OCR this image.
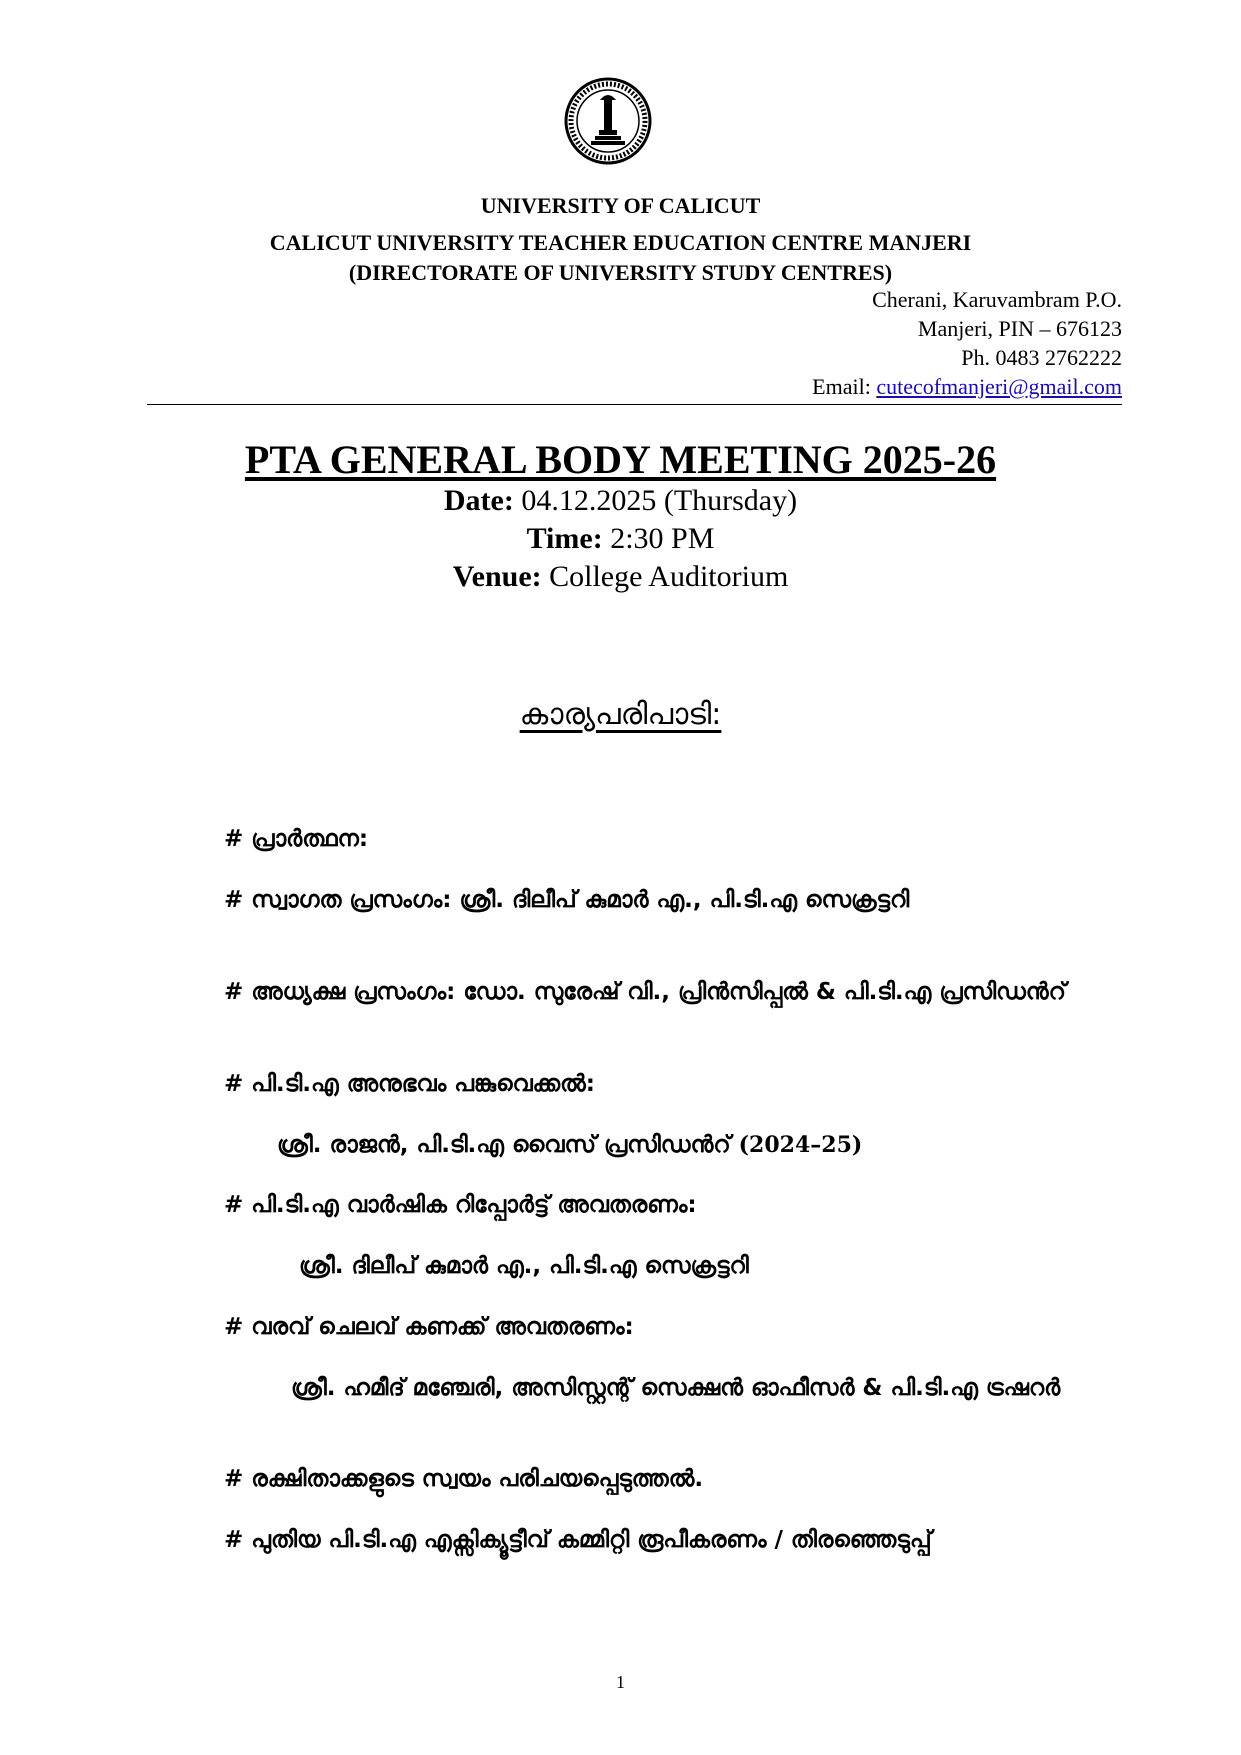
UNIVERSITY OF CALICUT
CALICUT UNIVERSITY TEACHER EDUCATION CENTRE MANJERI
(DIRECTORATE OF UNIVERSITY STUDY CENTRES)
Cherani, Karuvambram P.O.
Manjeri, PIN – 676123
Ph. 0483 2762222
Email: cutecofmanjeri@gmail.com
PTA GENERAL BODY MEETING 2025-26
Date: 04.12.2025 (Thursday)
Time: 2:30 PM
Venue: College Auditorium
കാര്യപരിപാടി:
# പ്രാർത്ഥന:
# സ്വാഗത പ്രസംഗം: ശ്രീ. ദിലീപ് കുമാർ എ., പി.ടി.എ സെക്രട്ടറി
# അധ്യക്ഷ പ്രസംഗം: ഡോ. സുരേഷ് വി., പ്രിൻസിപ്പൽ & പി.ടി.എ പ്രസിഡൻറ്
# പി.ടി.എ അനുഭവം പങ്കുവെക്കൽ:
ശ്രീ. രാജൻ, പി.ടി.എ വൈസ് പ്രസിഡൻറ് (2024–25)
# പി.ടി.എ വാർഷിക റിപ്പോർട്ട് അവതരണം:
ശ്രീ. ദിലീപ് കുമാർ എ., പി.ടി.എ സെക്രട്ടറി
# വരവ് ചെലവ് കണക്ക് അവതരണം:
ശ്രീ. ഹമീദ് മഞ്ചേരി, അസിസ്റ്റന്റ് സെക്ഷൻ ഓഫീസർ & പി.ടി.എ ട്രഷറർ
# രക്ഷിതാക്കളുടെ സ്വയം പരിചയപ്പെടുത്തൽ.
# പുതിയ പി.ടി.എ എക്സിക്യൂട്ടീവ് കമ്മിറ്റി രൂപീകരണം / തിരഞ്ഞെടുപ്പ്
1
